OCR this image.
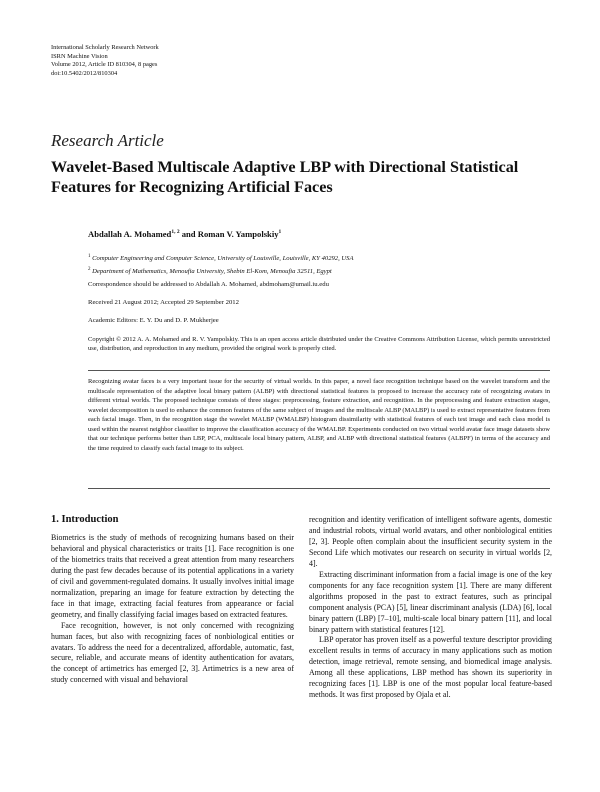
International Scholarly Research Network
ISRN Machine Vision
Volume 2012, Article ID 810304, 8 pages
doi:10.5402/2012/810304
Research Article
Wavelet-Based Multiscale Adaptive LBP with Directional Statistical Features for Recognizing Artificial Faces
Abdallah A. Mohamed$^{1, 2}$ and Roman V. Yampolskiy$^1$
$^1$ Computer Engineering and Computer Science, University of Louisville, Louisville, KY 40292, USA
$^2$ Department of Mathematics, Menoufia University, Shebin El-Kom, Menoufia 32511, Egypt
Correspondence should be addressed to Abdallah A. Mohamed, abdmoham@umail.iu.edu
Received 21 August 2012; Accepted 29 September 2012
Academic Editors: E. Y. Du and D. P. Mukherjee
Copyright © 2012 A. A. Mohamed and R. V. Yampolskiy. This is an open access article distributed under the Creative Commons Attribution License, which permits unrestricted use, distribution, and reproduction in any medium, provided the original work is properly cited.
Recognizing avatar faces is a very important issue for the security of virtual worlds. In this paper, a novel face recognition technique based on the wavelet transform and the multiscale representation of the adaptive local binary pattern (ALBP) with directional statistical features is proposed to increase the accuracy rate of recognizing avatars in different virtual worlds. The proposed technique consists of three stages: preprocessing, feature extraction, and recognition. In the preprocessing and feature extraction stages, wavelet decomposition is used to enhance the common features of the same subject of images and the multiscale ALBP (MALBP) is used to extract representative features from each facial image. Then, in the recognition stage the wavelet MALBP (WMALBP) histogram dissimilarity with statistical features of each test image and each class model is used within the nearest neighbor classifier to improve the classification accuracy of the WMALBP. Experiments conducted on two virtual world avatar face image datasets show that our technique performs better than LBP, PCA, multiscale local binary pattern, ALBP, and ALBP with directional statistical features (ALBPF) in terms of the accuracy and the time required to classify each facial image to its subject.
1. Introduction

Biometrics is the study of methods of recognizing humans based on their behavioral and physical characteristics or traits [1]. Face recognition is one of the biometrics traits that received a great attention from many researchers during the past few decades because of its potential applications in a variety of civil and government-regulated domains. It usually involves initial image normalization, preparing an image for feature extraction by detecting the face in that image, extracting facial features from appearance or facial geometry, and finally classifying facial images based on extracted features.

Face recognition, however, is not only concerned with recognizing human faces, but also with recognizing faces of nonbiological entities or avatars. To address the need for a decentralized, affordable, automatic, fast, secure, reliable, and accurate means of identity authentication for avatars, the concept of artimetrics has emerged [2, 3]. Artimetrics is a new area of study concerned with visual and behavioral

recognition and identity verification of intelligent software agents, domestic and industrial robots, virtual world avatars, and other nonbiological entities [2, 3]. People often complain about the insufficient security system in the Second Life which motivates our research on security in virtual worlds [2, 4].

Extracting discriminant information from a facial image is one of the key components for any face recognition system [1]. There are many different algorithms proposed in the past to extract features, such as principal component analysis (PCA) [5], linear discriminant analysis (LDA) [6], local binary pattern (LBP) [7–10], multi-scale local binary pattern [11], and local binary pattern with statistical features [12].

LBP operator has proven itself as a powerful texture descriptor providing excellent results in terms of accuracy in many applications such as motion detection, image retrieval, remote sensing, and biomedical image analysis. Among all these applications, LBP method has shown its superiority in recognizing faces [1]. LBP is one of the most popular local feature-based methods. It was first proposed by Ojala et al.
